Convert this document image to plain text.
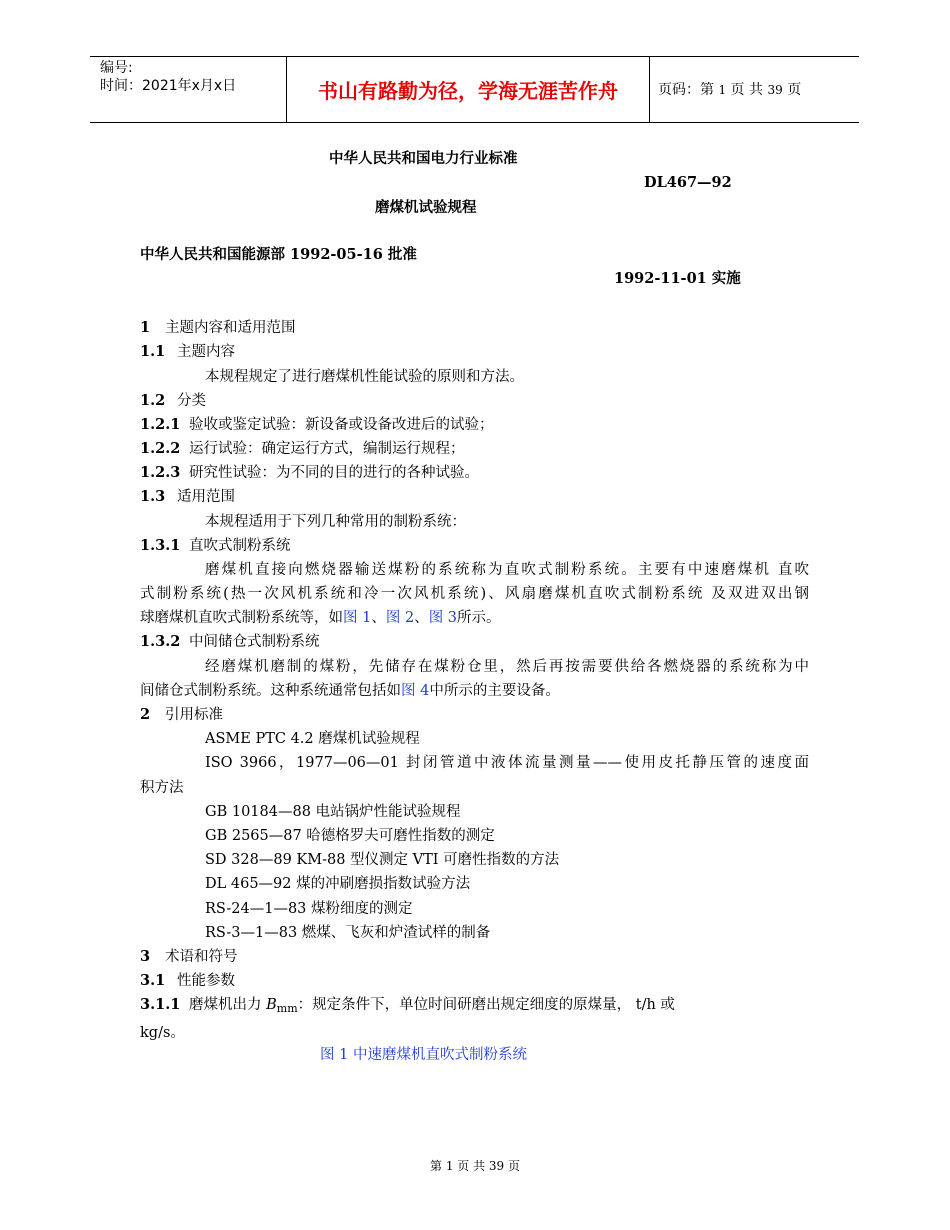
编号:
时间：2021年x月x日	书山有路勤为径，学海无涯苦作舟	页码：第 1 页 共 39 页
中华人民共和国电力行业标准
DL467—92
磨煤机试验规程
中华人民共和国能源部 1992-05-16 批准
1992-11-01 实施
1 主题内容和适用范围
1.1 主题内容
本规程规定了进行磨煤机性能试验的原则和方法。
1.2 分类
1.2.1 验收或鉴定试验：新设备或设备改进后的试验；
1.2.2 运行试验：确定运行方式，编制运行规程；
1.2.3 研究性试验：为不同的目的进行的各种试验。
1.3 适用范围
本规程适用于下列几种常用的制粉系统：
1.3.1 直吹式制粉系统
磨煤机直接向燃烧器输送煤粉的系统称为直吹式制粉系统。主要有中速磨煤机 直吹
式制粉系统(热一次风机系统和冷一次风机系统)、风扇磨煤机直吹式制粉系统 及双进双出钢
球磨煤机直吹式制粉系统等，如图 1、图 2、图 3所示。
1.3.2 中间储仓式制粉系统
经磨煤机磨制的煤粉，先储存在煤粉仓里，然后再按需要供给各燃烧器的系统称为中
间储仓式制粉系统。这种系统通常包括如图 4中所示的主要设备。
2 引用标准
ASME PTC 4.2 磨煤机试验规程
ISO 3966，1977—06—01 封闭管道中液体流量测量——使用皮托静压管的速度面
积方法
GB 10184—88 电站锅炉性能试验规程
GB 2565—87 哈德格罗夫可磨性指数的测定
SD 328—89 KM-88 型仪测定 VTI 可磨性指数的方法
DL 465—92 煤的冲刷磨损指数试验方法
RS-24—1—83 煤粉细度的测定
RS-3—1—83 燃煤、飞灰和炉渣试样的制备
3 术语和符号
3.1 性能参数
3.1.1 磨煤机出力 $B_{mm}$：规定条件下，单位时间研磨出规定细度的原煤量， t/h 或
kg/s。
图 1 中速磨煤机直吹式制粉系统
第 1 页 共 39 页
